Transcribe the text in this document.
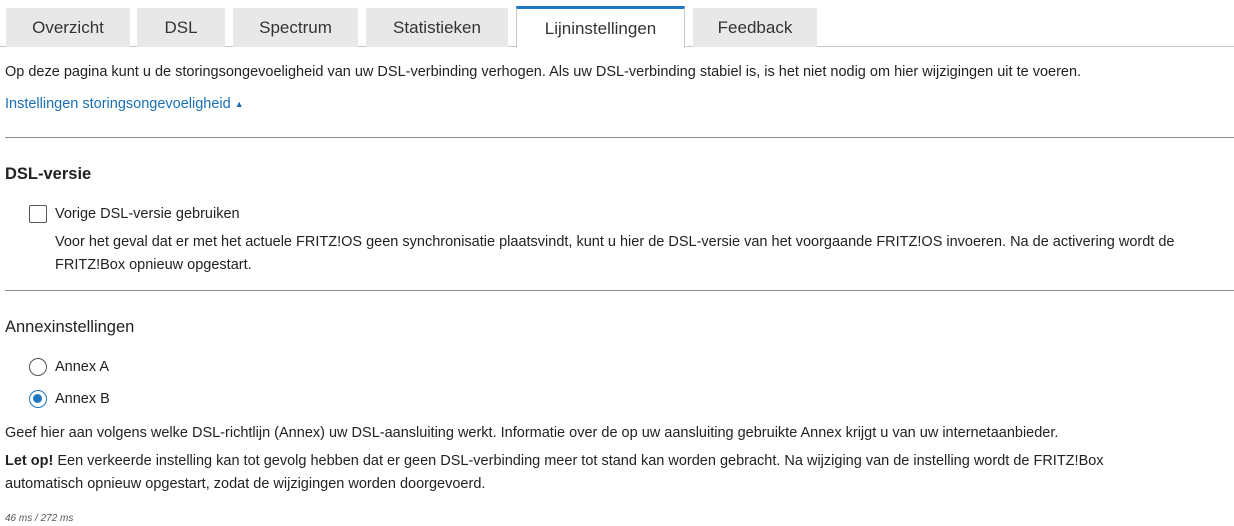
Overzicht	DSL	Spectrum	Statistieken	Lijninstellingen	Feedback
Op deze pagina kunt u de storingsongevoeligheid van uw DSL-verbinding verhogen. Als uw DSL-verbinding stabiel is, is het niet nodig om hier wijzigingen uit te voeren.
Instellingen storingsongevoeligheid ▲
DSL-versie
Vorige DSL-versie gebruiken
Voor het geval dat er met het actuele FRITZ!OS geen synchronisatie plaatsvindt, kunt u hier de DSL-versie van het voorgaande FRITZ!OS invoeren. Na de activering wordt de
FRITZ!Box opnieuw opgestart.
Annexinstellingen
Annex A
Annex B
Geef hier aan volgens welke DSL-richtlijn (Annex) uw DSL-aansluiting werkt. Informatie over de op uw aansluiting gebruikte Annex krijgt u van uw internetaanbieder.
Let op! Een verkeerde instelling kan tot gevolg hebben dat er geen DSL-verbinding meer tot stand kan worden gebracht. Na wijziging van de instelling wordt de FRITZ!Box
automatisch opnieuw opgestart, zodat de wijzigingen worden doorgevoerd.
46 ms / 272 ms
